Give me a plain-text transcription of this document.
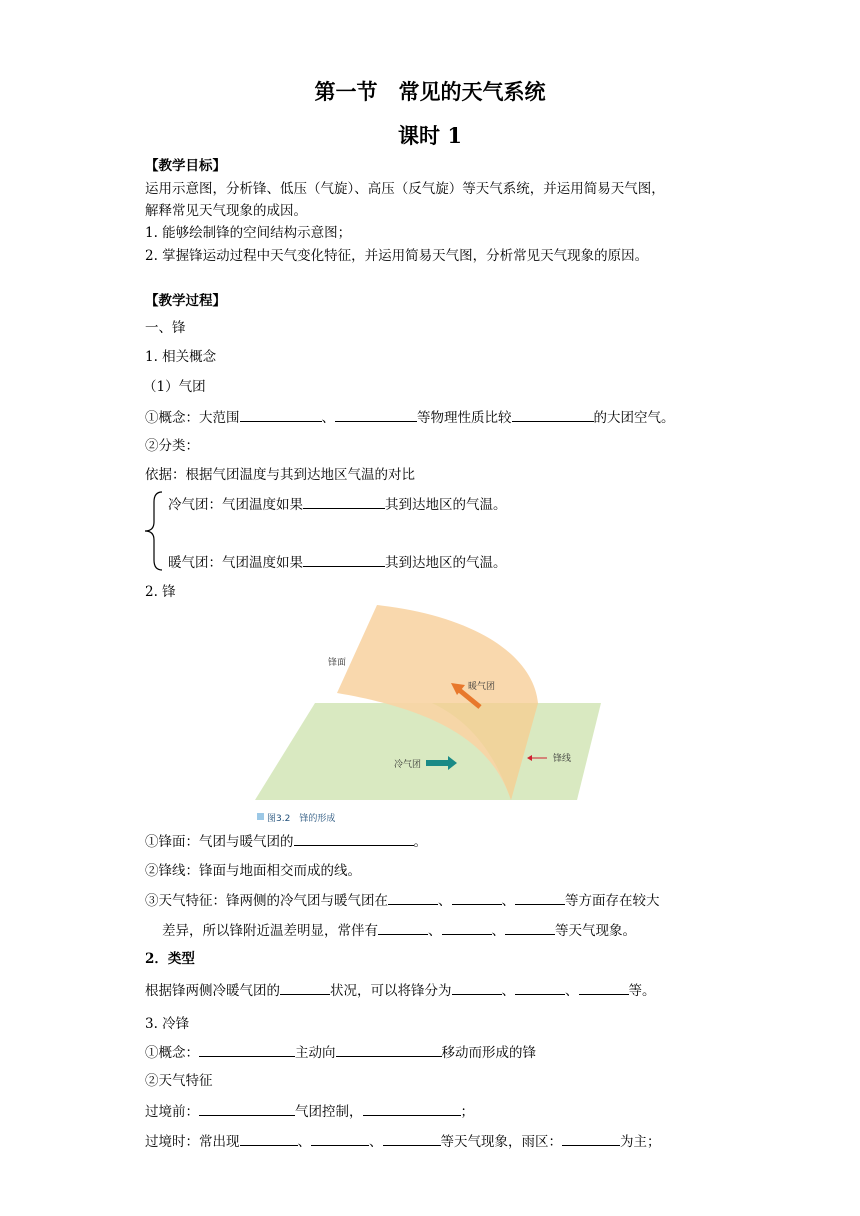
第一节　常见的天气系统
课时 1
【教学目标】
运用示意图，分析锋、低压（气旋）、高压（反气旋）等天气系统，并运用简易天气图，
解释常见天气现象的成因。
1. 能够绘制锋的空间结构示意图；
2. 掌握锋运动过程中天气变化特征，并运用简易天气图，分析常见天气现象的原因。
【教学过程】
一、锋
1. 相关概念
（1）气团
①概念：大范围	、	等物理性质比较	的大团空气。
②分类：
依据：根据气团温度与其到达地区气温的对比
冷气团：气团温度如果	其到达地区的气温。
暖气团：气团温度如果	其到达地区的气温。
2. 锋
锋面
暖气团
冷气团
锋线
图3.2　锋的形成
①锋面：气团与暖气团的	。
②锋线：锋面与地面相交而成的线。
③天气特征：锋两侧的冷气团与暖气团在	、	、	等方面存在较大
差异，所以锋附近温差明显，常伴有	、	、	等天气现象。
2．类型
根据锋两侧冷暖气团的	状况，可以将锋分为	、	、	等。
3. 冷锋
①概念：	主动向	移动而形成的锋
②天气特征
过境前：	气团控制，	；
过境时：常出现	、	、	等天气现象，雨区：	为主；
